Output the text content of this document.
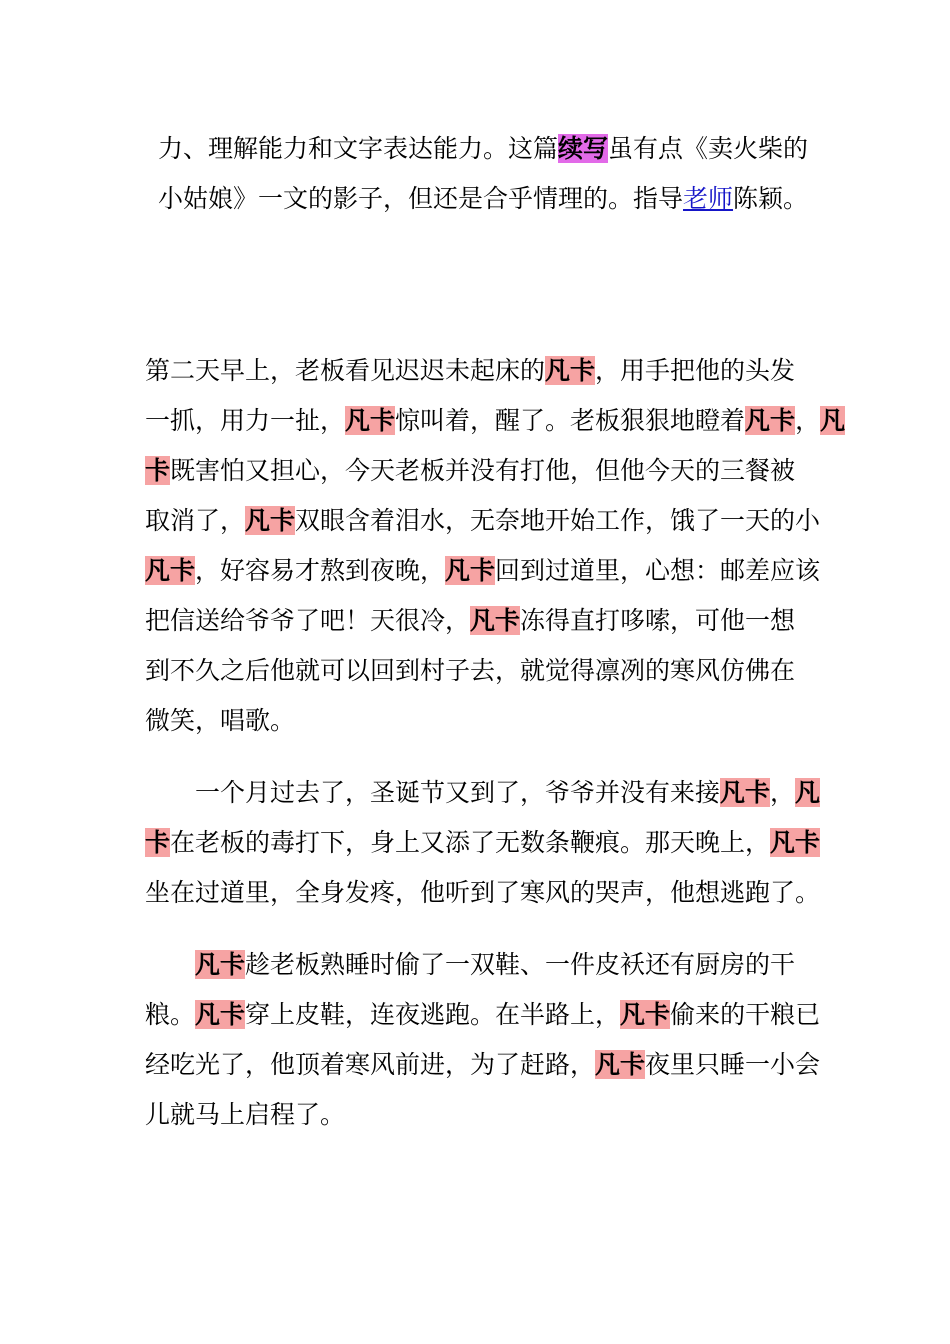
力、理解能力和文字表达能力。这篇续写虽有点《卖火柴的
小姑娘》一文的影子，但还是合乎情理的。指导老师陈颖。
第二天早上，老板看见迟迟未起床的凡卡，用手把他的头发
一抓，用力一扯，凡卡惊叫着，醒了。老板狠狠地瞪着凡卡，凡
卡既害怕又担心，今天老板并没有打他，但他今天的三餐被
取消了，凡卡双眼含着泪水，无奈地开始工作，饿了一天的小
凡卡，好容易才熬到夜晚，凡卡回到过道里，心想：邮差应该
把信送给爷爷了吧！天很冷，凡卡冻得直打哆嗦，可他一想
到不久之后他就可以回到村子去，就觉得凛冽的寒风仿佛在
微笑，唱歌。
一个月过去了，圣诞节又到了，爷爷并没有来接凡卡，凡
卡在老板的毒打下，身上又添了无数条鞭痕。那天晚上，凡卡
坐在过道里，全身发疼，他听到了寒风的哭声，他想逃跑了。
凡卡趁老板熟睡时偷了一双鞋、一件皮袄还有厨房的干
粮。凡卡穿上皮鞋，连夜逃跑。在半路上，凡卡偷来的干粮已
经吃光了，他顶着寒风前进，为了赶路，凡卡夜里只睡一小会
儿就马上启程了。
